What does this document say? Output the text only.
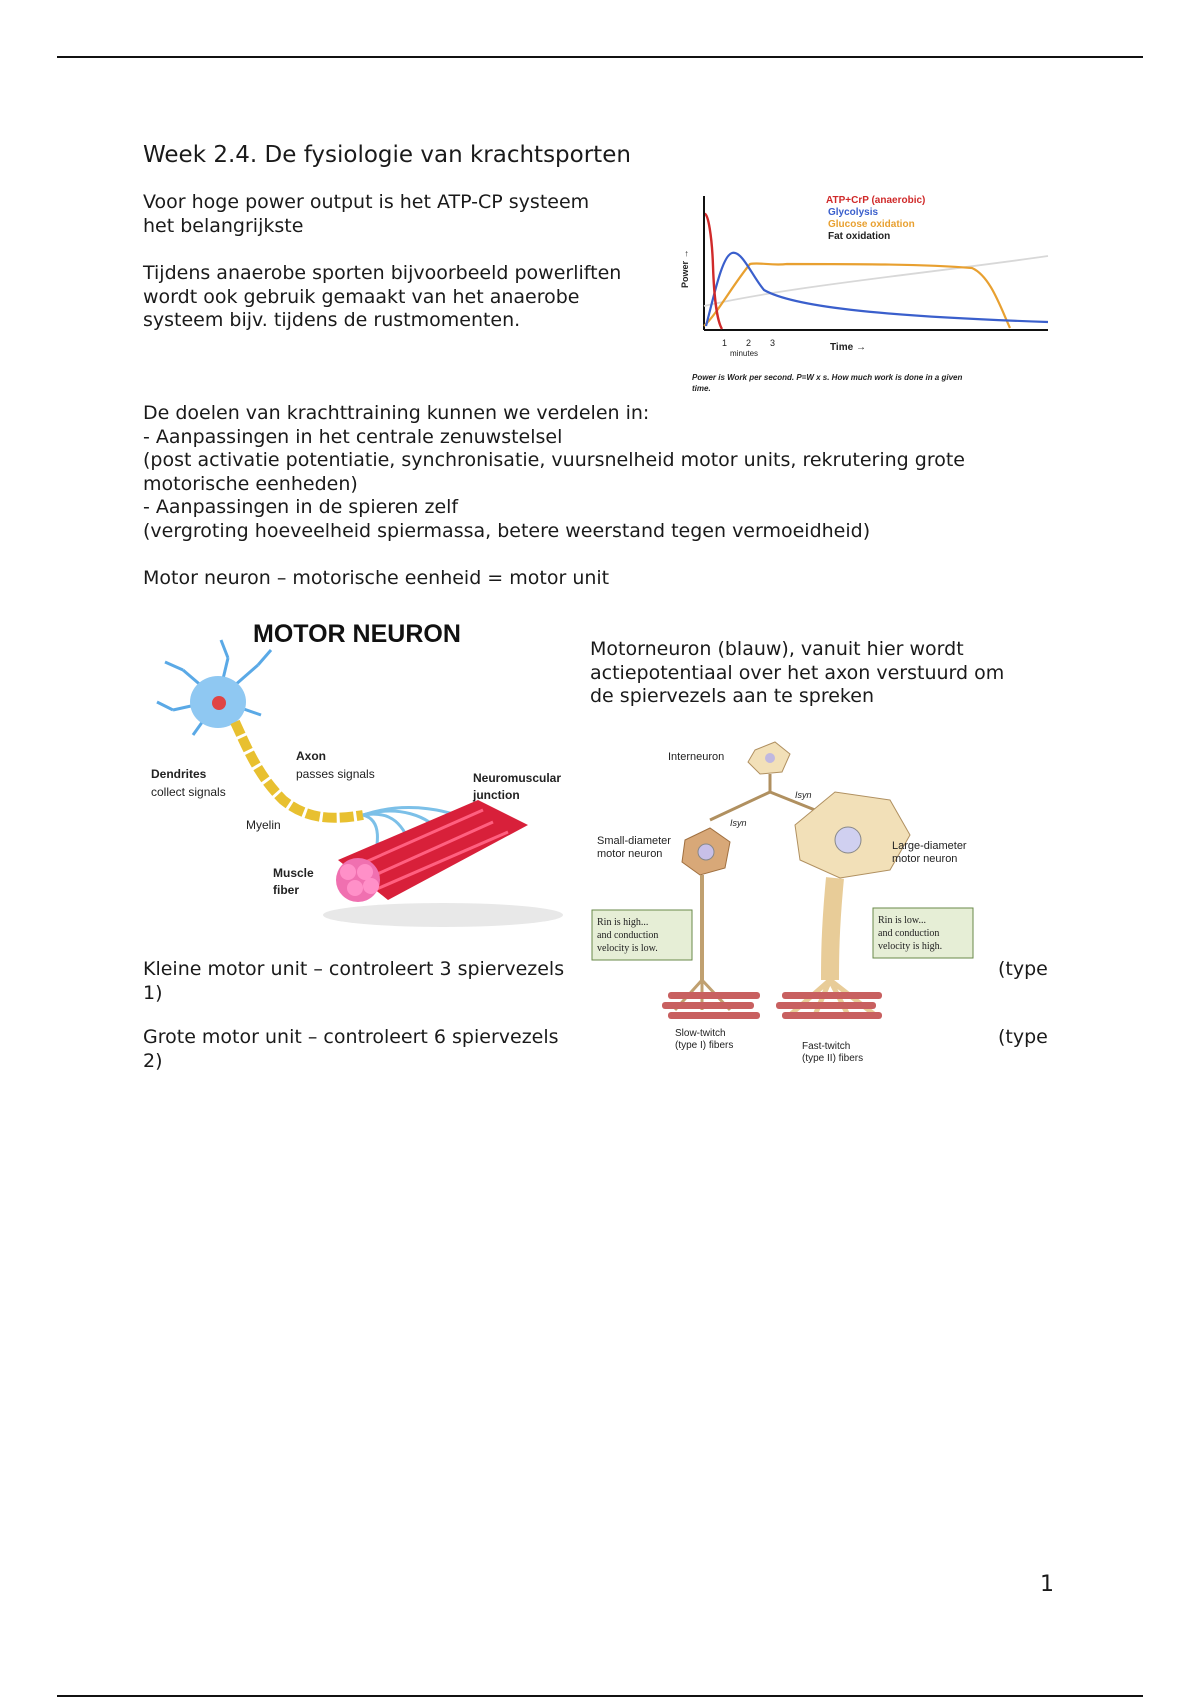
Week 2.4. De fysiologie van krachtsporten

Voor hoge power output is het ATP-CP systeem
het belangrijkste

Tijdens anaerobe sporten bijvoorbeeld powerliften
wordt ook gebruik gemaakt van het anaerobe
systeem bijv. tijdens de rustmomenten.

Power →
ATP+CrP (anaerobic)
Glycolysis
Glucose oxidation
Fat oxidation
1 2 3
minutes
Time →
Power is Work per second. P=W x s. How much work is done in a given
time.

De doelen van krachttraining kunnen we verdelen in:
- Aanpassingen in het centrale zenuwstelsel
(post activatie potentiatie, synchronisatie, vuursnelheid motor units, rekrutering grote
motorische eenheden)
- Aanpassingen in de spieren zelf
(vergroting hoeveelheid spiermassa, betere weerstand tegen vermoeidheid)

Motor neuron – motorische eenheid = motor unit

MOTOR NEURON
Axon
passes signals
Dendrites
collect signals
Myelin
Neuromuscular
junction
Muscle
fiber

Motorneuron (blauw), vanuit hier wordt
actiepotentiaal over het axon verstuurd om
de spiervezels aan te spreken

Interneuron
Isyn
Isyn
Small-diameter
motor neuron
Large-diameter
motor neuron
Rin is high...
and conduction
velocity is low.
Rin is low...
and conduction
velocity is high.
Slow-twitch
(type I) fibers	Fast-twitch
(type II) fibers

Kleine motor unit – controleert 3 spiervezels
1)

(type

Grote motor unit – controleert 6 spiervezels
2)

(type
1
